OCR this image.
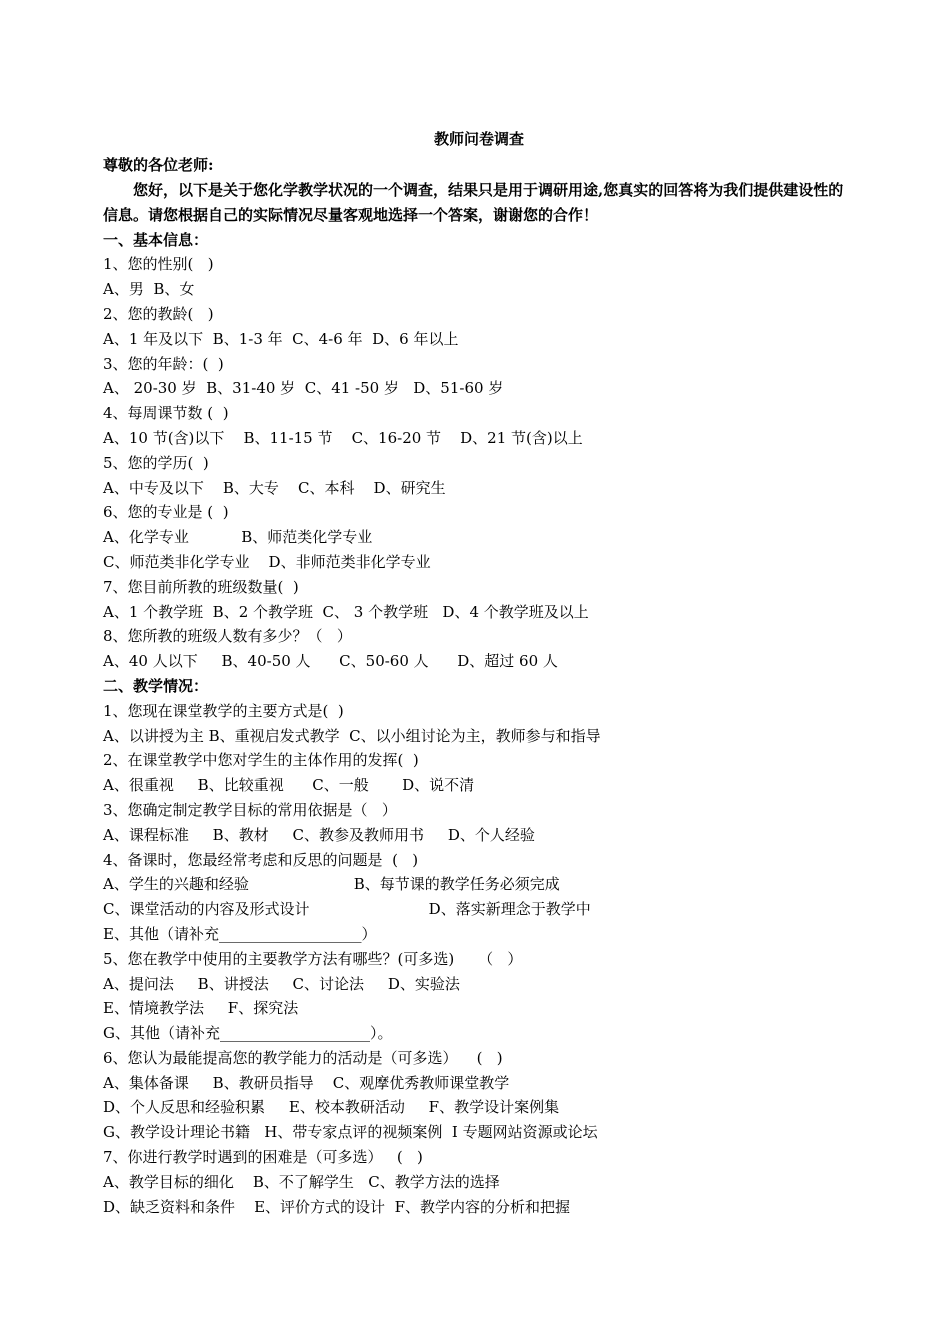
教师问卷调查
尊敬的各位老师:
您好，以下是关于您化学教学状况的一个调查，结果只是用于调研用途,您真实的回答将为我们提供建设性的信息。请您根据自己的实际情况尽量客观地选择一个答案，谢谢您的合作！
一、基本信息：
1、您的性别(   )
A、男  B、女
2、您的教龄(   )
A、1 年及以下  B、1-3 年  C、4-6 年  D、6 年以上
3、您的年龄：(  )
A、 20-30 岁  B、31-40 岁  C、41 -50 岁   D、51-60 岁
4、每周课节数 (  )
A、10 节(含)以下    B、11-15 节    C、16-20 节    D、21 节(含)以上
5、您的学历(  )
A、中专及以下    B、大专    C、本科    D、研究生
6、您的专业是 (  )
A、化学专业           B、师范类化学专业
C、师范类非化学专业    D、非师范类非化学专业
7、您目前所教的班级数量(  )
A、1 个教学班  B、2 个教学班  C、 3 个教学班   D、4 个教学班及以上
8、您所教的班级人数有多少？（   ）
A、40 人以下     B、40-50 人      C、50-60 人      D、超过 60 人
二、教学情况：
1、您现在课堂教学的主要方式是(  )
A、以讲授为主 B、重视启发式教学  C、以小组讨论为主，教师参与和指导
2、在课堂教学中您对学生的主体作用的发挥(  )
A、很重视     B、比较重视      C、一般       D、说不清
3、您确定制定教学目标的常用依据是（   ）
A、课程标准     B、教材     C、教参及教师用书     D、个人经验
4、备课时，您最经常考虑和反思的问题是  (   )
A、学生的兴趣和经验                      B、每节课的教学任务必须完成
C、课堂活动的内容及形式设计                         D、落实新理念于教学中
E、其他（请补充___________________）
5、您在教学中使用的主要教学方法有哪些？(可多选)     （   ）
A、提问法     B、讲授法     C、讨论法     D、实验法
E、情境教学法     F、探究法
G、其他（请补充____________________）。
6、您认为最能提高您的教学能力的活动是（可多选）    (   )
A、集体备课     B、教研员指导    C、观摩优秀教师课堂教学
D、个人反思和经验积累     E、校本教研活动     F、教学设计案例集
G、教学设计理论书籍   H、带专家点评的视频案例  I 专题网站资源或论坛
7、你进行教学时遇到的困难是（可多选）   (   )
A、教学目标的细化    B、不了解学生   C、教学方法的选择
D、缺乏资料和条件    E、评价方式的设计  F、教学内容的分析和把握
